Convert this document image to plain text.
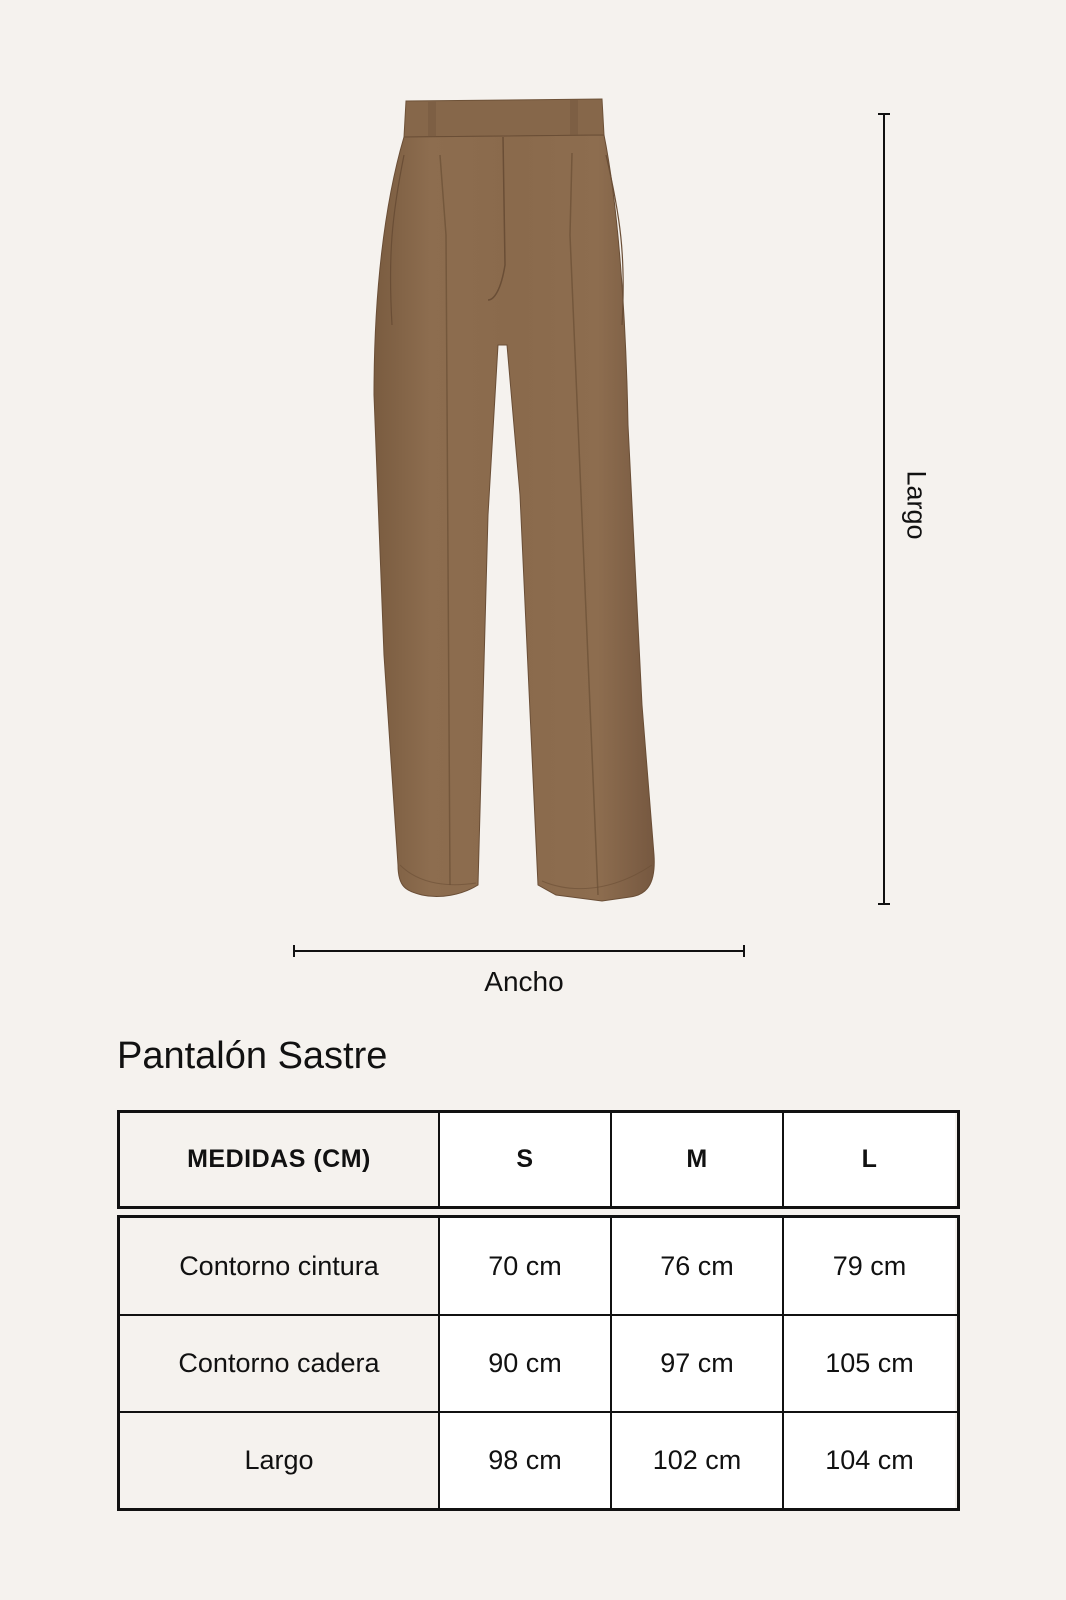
Largo
Ancho
Pantalón Sastre
MEDIDAS (CM)	S	M	L
Contorno cintura	70 cm	76 cm	79 cm
Contorno cadera	90 cm	97 cm	105 cm
Largo	98 cm	102 cm	104 cm
